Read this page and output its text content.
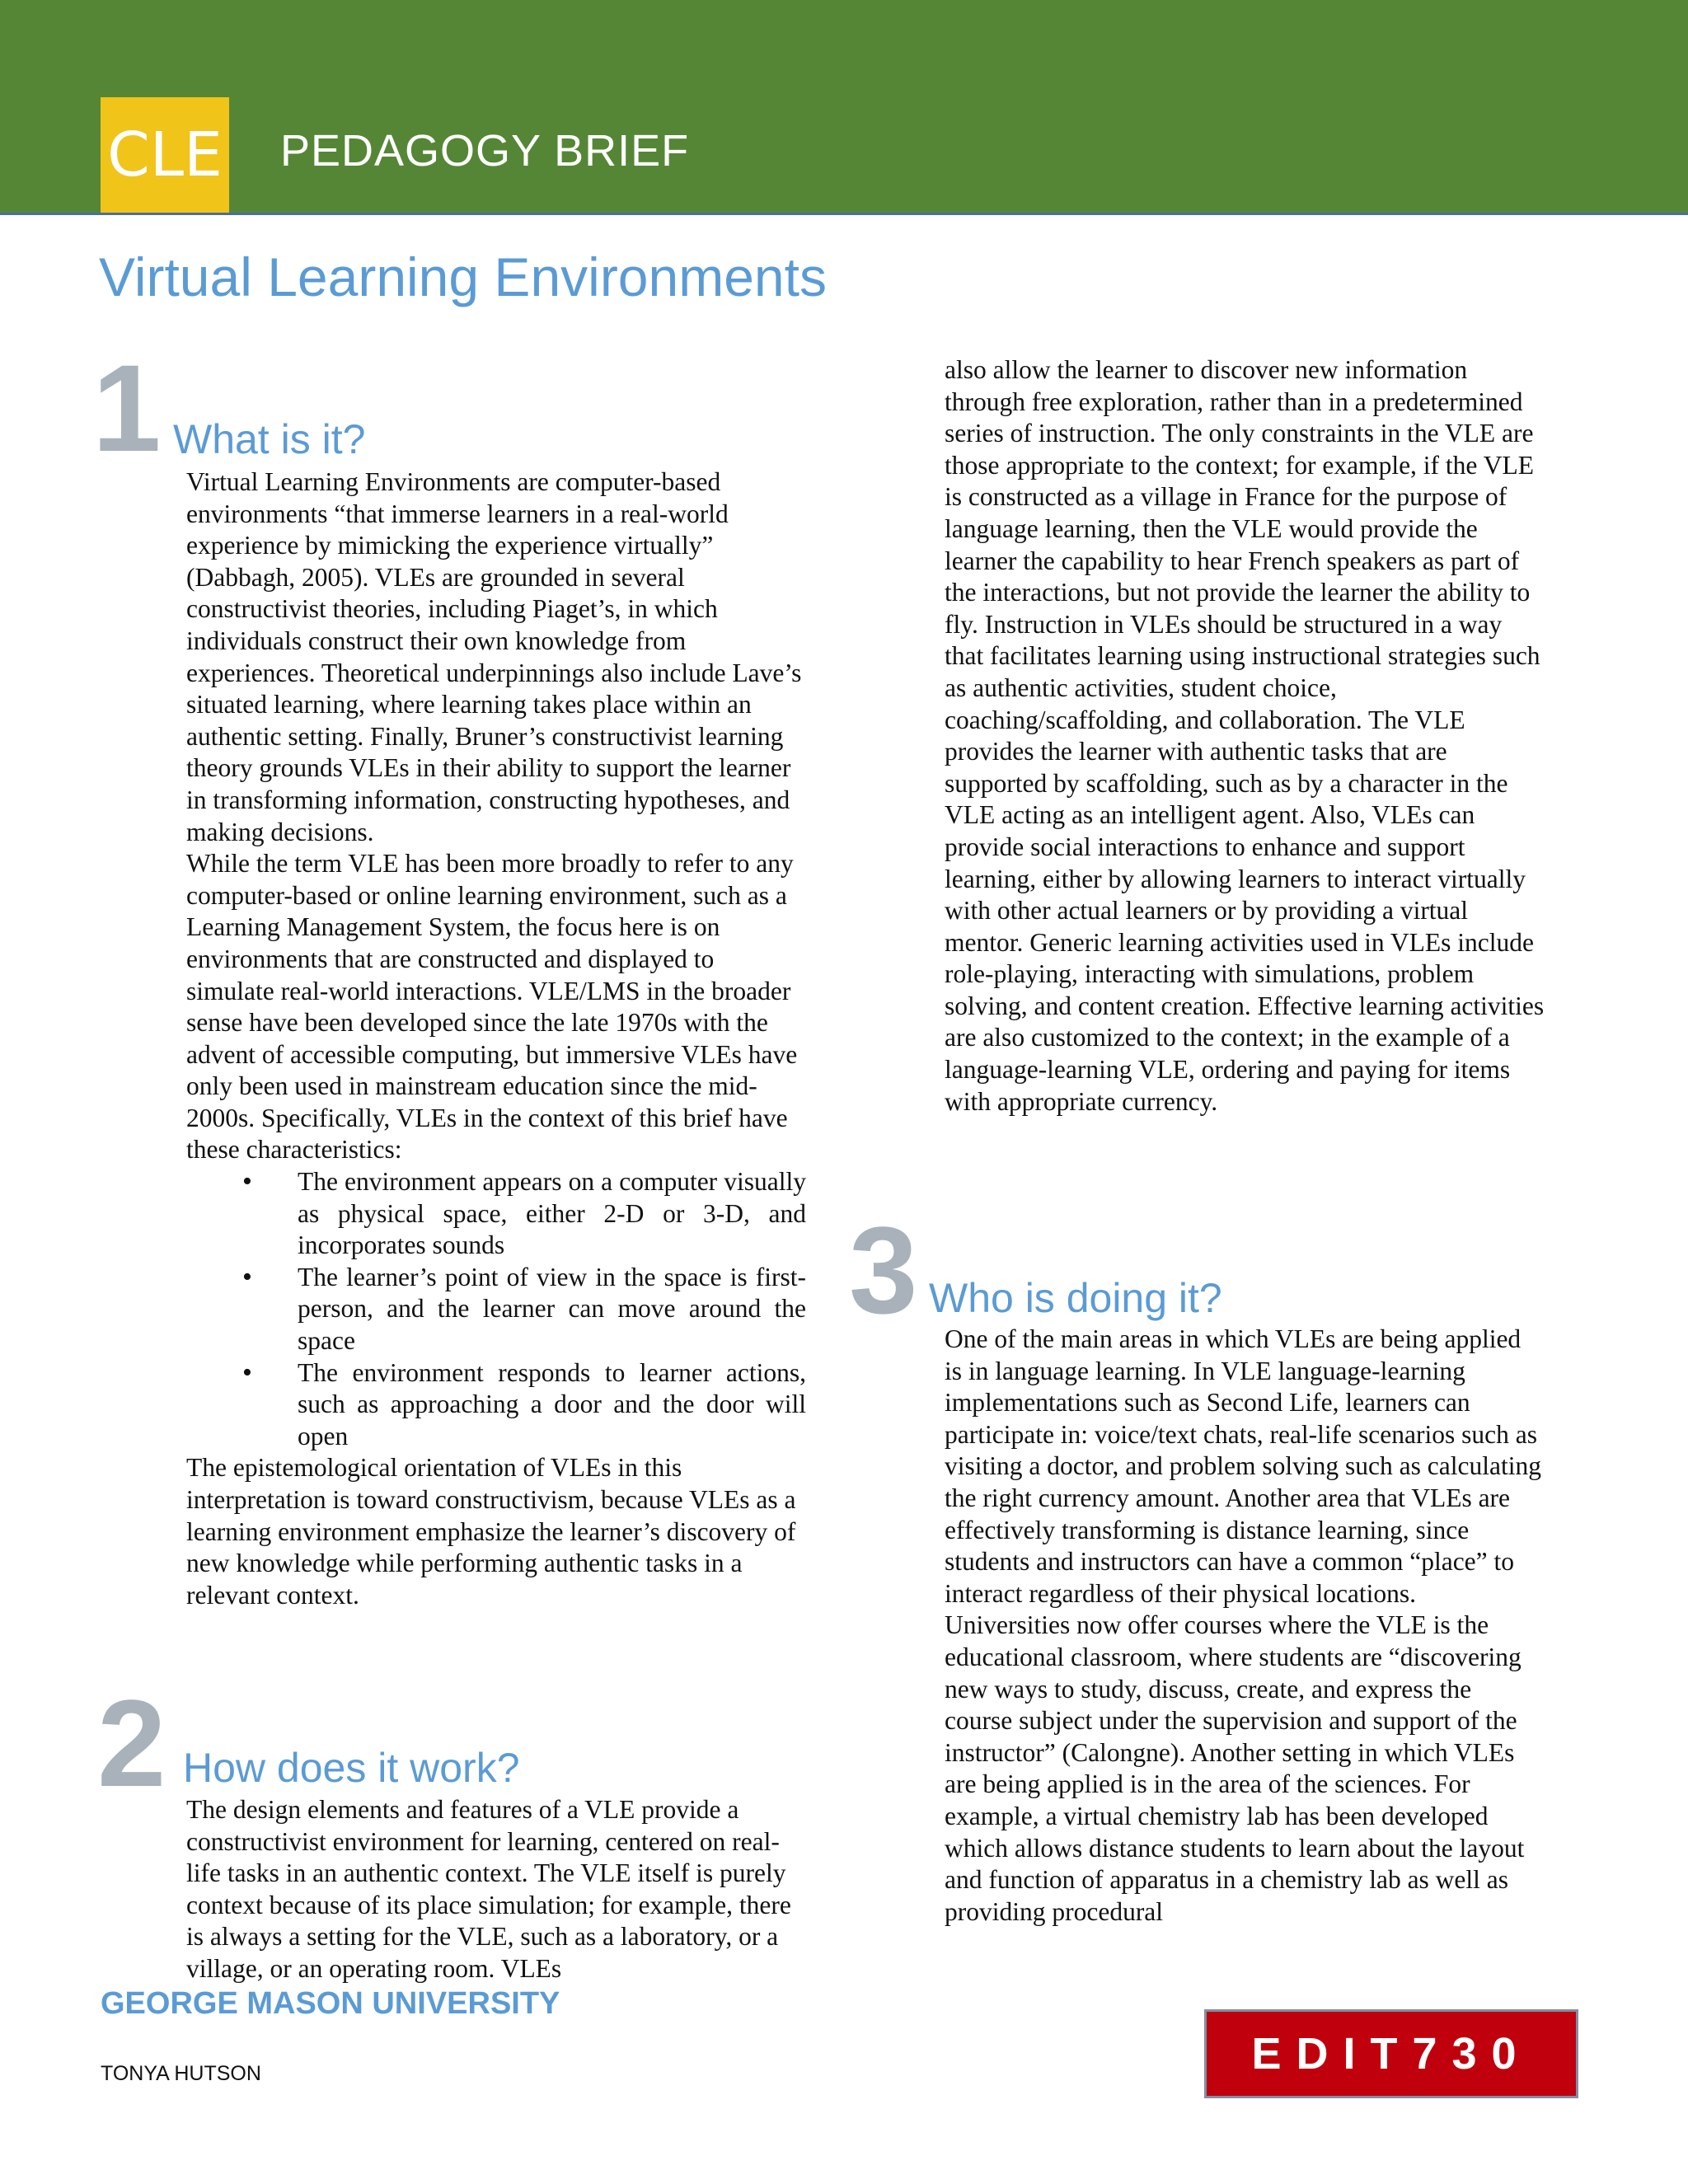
CLE PEDAGOGY BRIEF
Virtual Learning Environments
1 What is it?

Virtual Learning Environments are computer-based environments “that immerse learners in a real-world experience by mimicking the experience virtually” (Dabbagh, 2005). VLEs are grounded in several constructivist theories, including Piaget’s, in which individuals construct their own knowledge from experiences. Theoretical underpinnings also include Lave’s situated learning, where learning takes place within an authentic setting. Finally, Bruner’s constructivist learning theory grounds VLEs in their ability to support the learner in transforming information, constructing hypotheses, and making decisions.

While the term VLE has been more broadly to refer to any computer-based or online learning environment, such as a Learning Management System, the focus here is on environments that are constructed and displayed to simulate real-world interactions. VLE/LMS in the broader sense have been developed since the late 1970s with the advent of accessible computing, but immersive VLEs have only been used in mainstream education since the mid-2000s. Specifically, VLEs in the context of this brief have these characteristics:

• The environment appears on a computer visually as physical space, either 2-D or 3-D, and incorporates sounds
• The learner’s point of view in the space is first-person, and the learner can move around the space
• The environment responds to learner actions, such as approaching a door and the door will open

The epistemological orientation of VLEs in this interpretation is toward constructivism, because VLEs as a learning environment emphasize the learner’s discovery of new knowledge while performing authentic tasks in a relevant context.

2 How does it work?

The design elements and features of a VLE provide a constructivist environment for learning, centered on real-life tasks in an authentic context. The VLE itself is purely context because of its place simulation; for example, there is always a setting for the VLE, such as a laboratory, or a village, or an operating room. VLEs

also allow the learner to discover new information through free exploration, rather than in a predetermined series of instruction. The only constraints in the VLE are those appropriate to the context; for example, if the VLE is constructed as a village in France for the purpose of language learning, then the VLE would provide the learner the capability to hear French speakers as part of the interactions, but not provide the learner the ability to fly. Instruction in VLEs should be structured in a way that facilitates learning using instructional strategies such as authentic activities, student choice, coaching/scaffolding, and collaboration. The VLE provides the learner with authentic tasks that are supported by scaffolding, such as by a character in the VLE acting as an intelligent agent. Also, VLEs can provide social interactions to enhance and support learning, either by allowing learners to interact virtually with other actual learners or by providing a virtual mentor. Generic learning activities used in VLEs include role-playing, interacting with simulations, problem solving, and content creation. Effective learning activities are also customized to the context; in the example of a language-learning VLE, ordering and paying for items with appropriate currency.

3 Who is doing it?

One of the main areas in which VLEs are being applied is in language learning. In VLE language-learning implementations such as Second Life, learners can participate in: voice/text chats, real-life scenarios such as visiting a doctor, and problem solving such as calculating the right currency amount. Another area that VLEs are effectively transforming is distance learning, since students and instructors can have a common “place” to interact regardless of their physical locations. Universities now offer courses where the VLE is the educational classroom, where students are “discovering new ways to study, discuss, create, and express the course subject under the supervision and support of the instructor” (Calongne). Another setting in which VLEs are being applied is in the area of the sciences. For example, a virtual chemistry lab has been developed which allows distance students to learn about the layout and function of apparatus in a chemistry lab as well as providing procedural

GEORGE MASON UNIVERSITY
TONYA HUTSON	EDIT730
